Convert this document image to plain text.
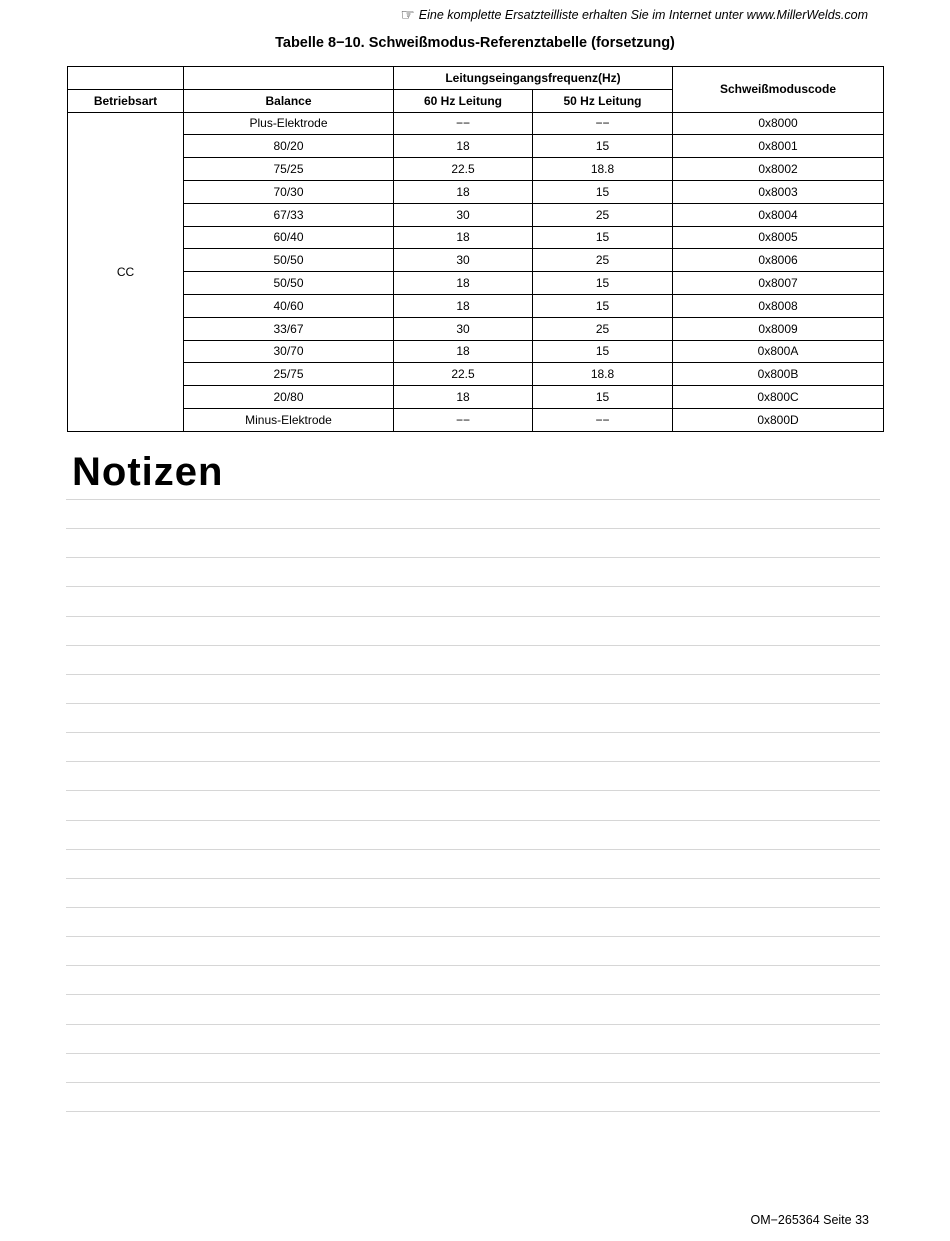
☞ Eine komplette Ersatzteilliste erhalten Sie im Internet unter www.MillerWelds.com
Tabelle 8−10. Schweißmodus-Referenztabelle (forsetzung)
		Leitungseingangsfrequenz(Hz)		Schweißmoduscode
Betriebsart	Balance	60 Hz Leitung	50 Hz Leitung	
CC	Plus-Elektrode	−−	−−	0x8000
	80/20	18	15	0x8001
	75/25	22.5	18.8	0x8002
	70/30	18	15	0x8003
	67/33	30	25	0x8004
	60/40	18	15	0x8005
	50/50	30	25	0x8006
	50/50	18	15	0x8007
	40/60	18	15	0x8008
	33/67	30	25	0x8009
	30/70	18	15	0x800A
	25/75	22.5	18.8	0x800B
	20/80	18	15	0x800C
	Minus-Elektrode	−−	−−	0x800D
Notizen
OM−265364 Seite 33
